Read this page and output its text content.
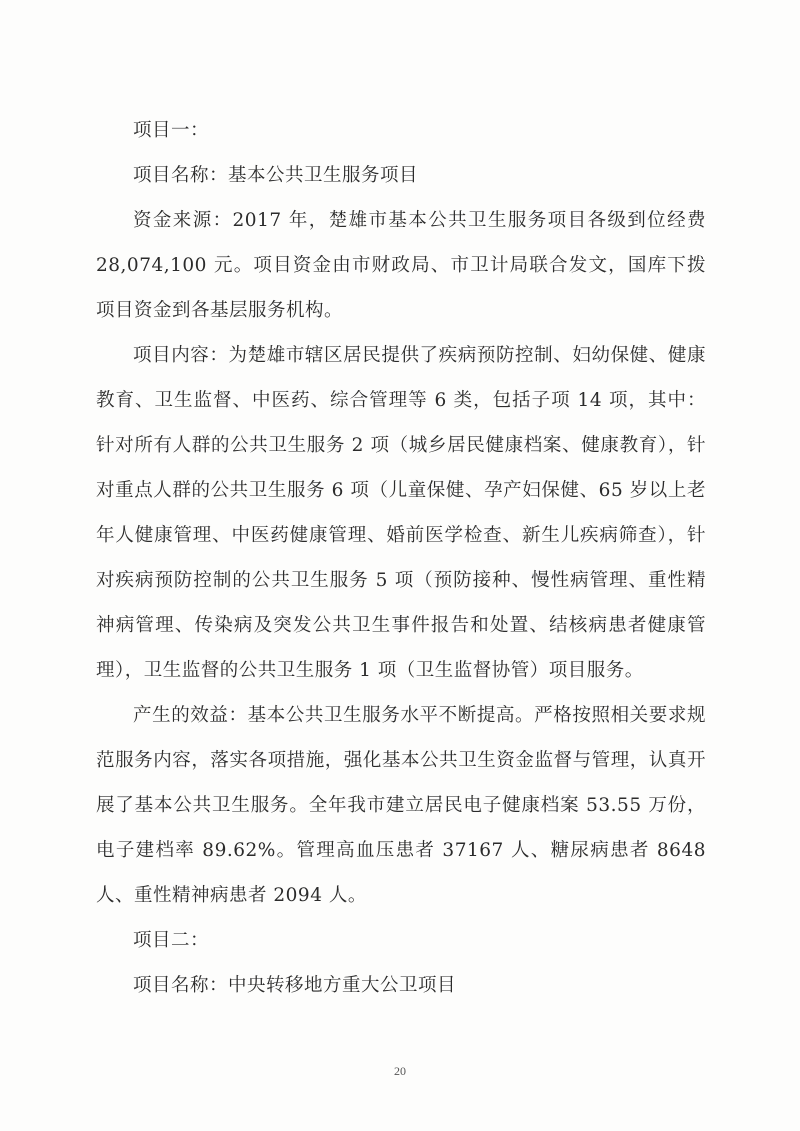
项目一：

项目名称：基本公共卫生服务项目

资金来源：2017 年，楚雄市基本公共卫生服务项目各级到位经费 28,074,100 元。项目资金由市财政局、市卫计局联合发文，国库下拨项目资金到各基层服务机构。

项目内容：为楚雄市辖区居民提供了疾病预防控制、妇幼保健、健康教育、卫生监督、中医药、综合管理等 6 类，包括子项 14 项，其中：针对所有人群的公共卫生服务 2 项（城乡居民健康档案、健康教育），针对重点人群的公共卫生服务 6 项（儿童保健、孕产妇保健、65 岁以上老年人健康管理、中医药健康管理、婚前医学检查、新生儿疾病筛查），针对疾病预防控制的公共卫生服务 5 项（预防接种、慢性病管理、重性精神病管理、传染病及突发公共卫生事件报告和处置、结核病患者健康管理），卫生监督的公共卫生服务 1 项（卫生监督协管）项目服务。

产生的效益：基本公共卫生服务水平不断提高。严格按照相关要求规范服务内容，落实各项措施，强化基本公共卫生资金监督与管理，认真开展了基本公共卫生服务。全年我市建立居民电子健康档案 53.55 万份，电子建档率 89.62%。管理高血压患者 37167 人、糖尿病患者 8648 人、重性精神病患者 2094 人。

项目二：

项目名称：中央转移地方重大公卫项目

20
